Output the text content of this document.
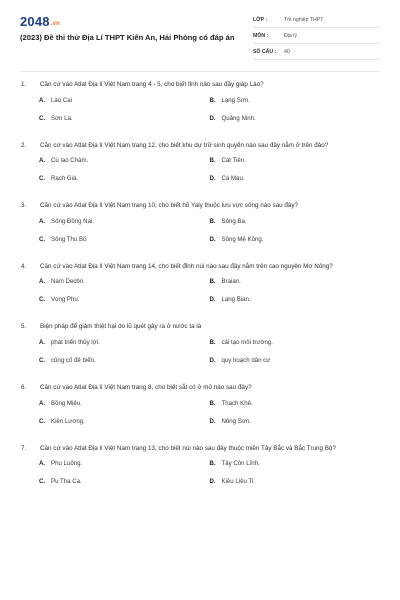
2048.vn
(2023) Đề thi thử Địa Lí THPT Kiến An, Hải Phòng có đáp án
LỚP :	Tốt nghiệp THPT
MÔN :	Địa lý
SỐ CÂU :	40
1.	Căn cứ vào Atlat Địa lí Việt Nam trang 4 - 5, cho biết tỉnh nào sau đây giáp Lào?
A. Lào Cai	B. Lạng Sơn.
C. Sơn La.	D. Quảng Ninh.
2.	Căn cứ vào Atlat Địa lí Việt Nam trang 12, cho biết khu dự trữ sinh quyển nào sau đây nằm ở trên đảo?
A. Cù lao Chàm.	B. Cát Tiên.
C. Rạch Giá.	D. Cà Mau.
3.	Căn cứ vào Atlat Địa lí Việt Nam trang 10, cho biết hồ Yaly thuộc lưu vực sông nào sau đây?
A. Sông Đồng Nai.	B. Sông Ba.
C. Sông Thu Bồ	D. Sông Mê Kông.
4.	Căn cứ vào Atlat Địa lí Việt Nam trang 14, cho biết đỉnh núi nào sau đây nằm trên cao nguyên Mơ Nông?
A. Nam Decbri.	B. Braian.
C. Vọng Phu.	D. Lang Bian.
5.	Biện pháp để giảm thiệt hại do lũ quét gây ra ở nước ta là
A. phát triển thủy lợi.	B. cải tạo môi trường.
C. củng cố đê biển.	D. quy hoạch dân cư
6.	Căn cứ vào Atlat Địa lí Việt Nam trang 8, cho biết sắt có ở mỏ nào sau đây?
A. Bồng Miêu.	B. Thạch Khê.
C. Kiên Lương.	D. Nông Sơn.
7.	Căn cứ vào Atlat Địa lí Việt Nam trang 13, cho biết núi nào sau đây thuộc miền Tây Bắc và Bắc Trung Bộ?
A. Phu Luông.	B. Tây Côn Lĩnh.
C. Pu Tha Ca.	D. Kiều Liêu Ti.
